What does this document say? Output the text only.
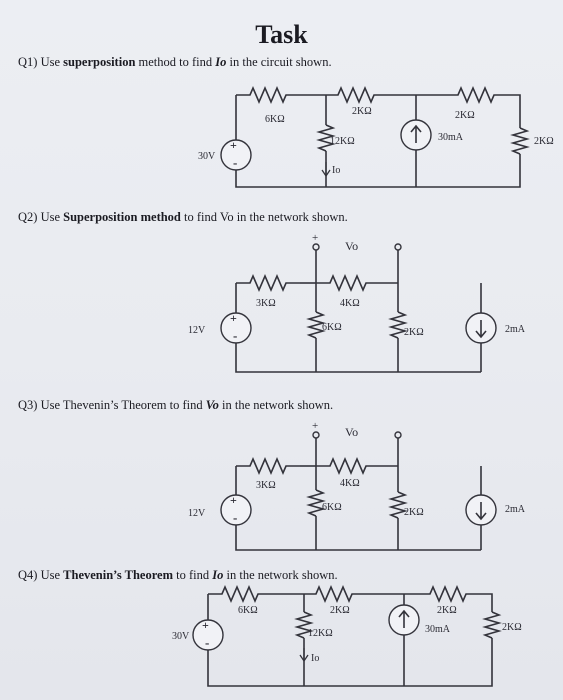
Task

Q1) Use superposition method to find Io in the circuit shown.

Q2) Use Superposition method to find Vo in the network shown.

Q3) Use Thevenin’s Theorem to find Vo in the network shown.

Q4) Use Thevenin’s Theorem to find Io in the network shown.

+
-
6KΩ
2KΩ	2KΩ
12KΩ
30V
30mA	2KΩ
Io
+
Vo
+
-
3KΩ	4KΩ
6KΩ	2KΩ
12V	2mA
+ Vo
+
-
3KΩ	4KΩ
6KΩ	2KΩ
12V	2mA
+
-
6KΩ	2KΩ	2KΩ
12KΩ
30V
30mA	2KΩ
Io
